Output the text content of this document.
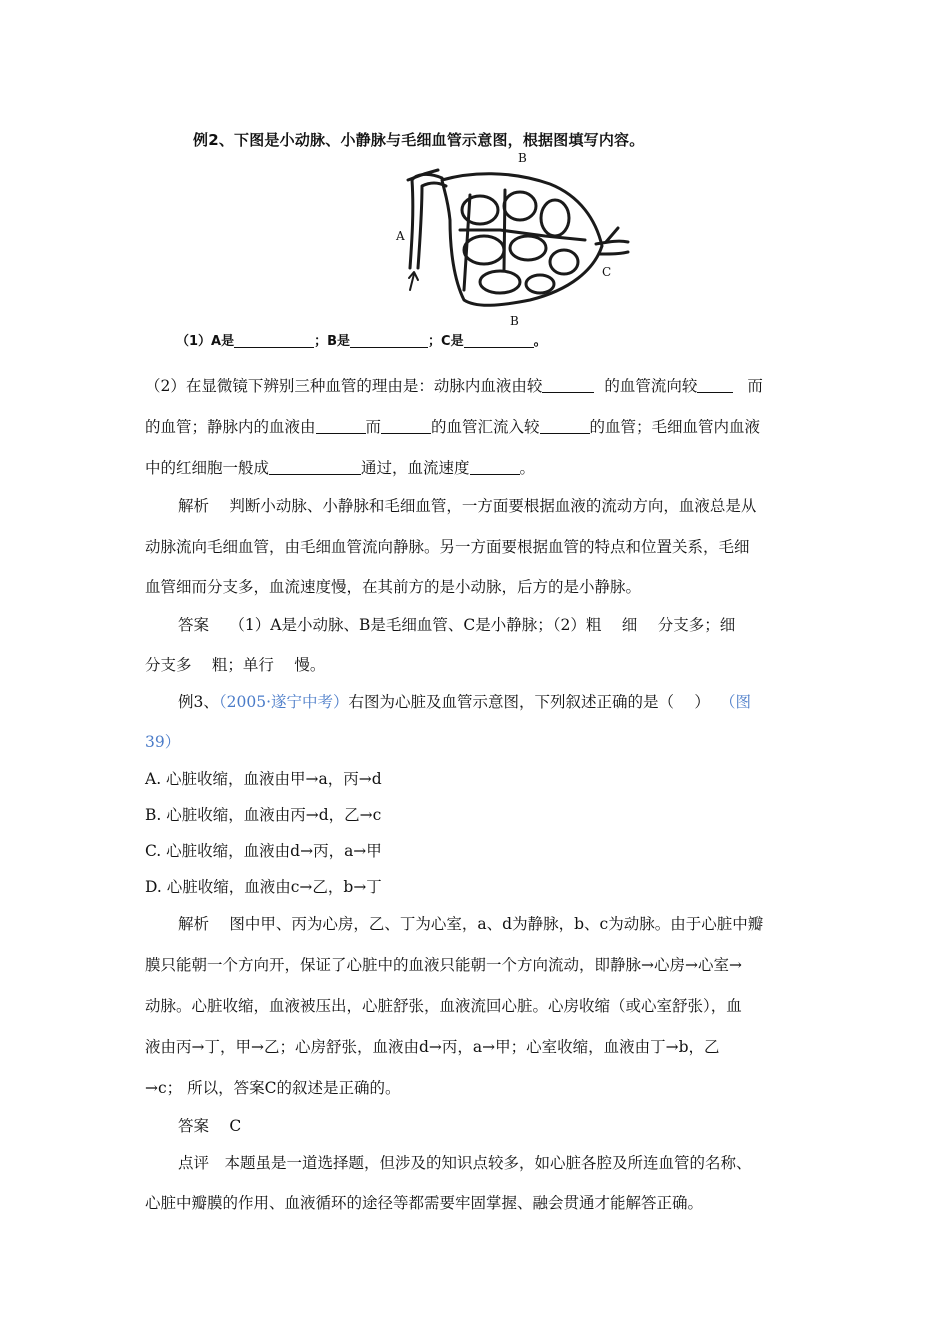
例2、下图是小动脉、小静脉与毛细血管示意图，根据图填写内容。
B
A
C
B
（1）A是	；B是	；C是	。
（2）在显微镜下辨别三种血管的理由是：动脉内血液由较	的血管流向较	而
的血管；静脉内的血液由	而	的血管汇流入较	的血管；毛细血管内血液
中的红细胞一般成	通过，血流速度	。
解析　 判断小动脉、小静脉和毛细血管，一方面要根据血液的流动方向，血液总是从
动脉流向毛细血管，由毛细血管流向静脉。另一方面要根据血管的特点和位置关系，毛细
血管细而分支多，血流速度慢，在其前方的是小动脉，后方的是小静脉。
答案　 （1）A是小动脉、B是毛细血管、C是小静脉；（2）粗　 细　 分支多；细
分支多　 粗；单行　 慢。
例3、（2005·遂宁中考）右图为心脏及血管示意图，下列叙述正确的是（　 ） （图
39）
A. 心脏收缩，血液由甲→a，丙→d
B. 心脏收缩，血液由丙→d，乙→c
C. 心脏收缩，血液由d→丙，a→甲
D. 心脏收缩，血液由c→乙，b→丁
解析　 图中甲、丙为心房，乙、丁为心室，a、d为静脉，b、c为动脉。由于心脏中瓣
膜只能朝一个方向开，保证了心脏中的血液只能朝一个方向流动，即静脉→心房→心室→
动脉。心脏收缩，血液被压出，心脏舒张，血液流回心脏。心房收缩（或心室舒张），血
液由丙→丁，甲→乙；心房舒张，血液由d→丙，a→甲；心室收缩，血液由丁→b，乙
→c； 所以，答案C的叙述是正确的。
答案　 C
点评　本题虽是一道选择题，但涉及的知识点较多，如心脏各腔及所连血管的名称、
心脏中瓣膜的作用、血液循环的途径等都需要牢固掌握、融会贯通才能解答正确。
